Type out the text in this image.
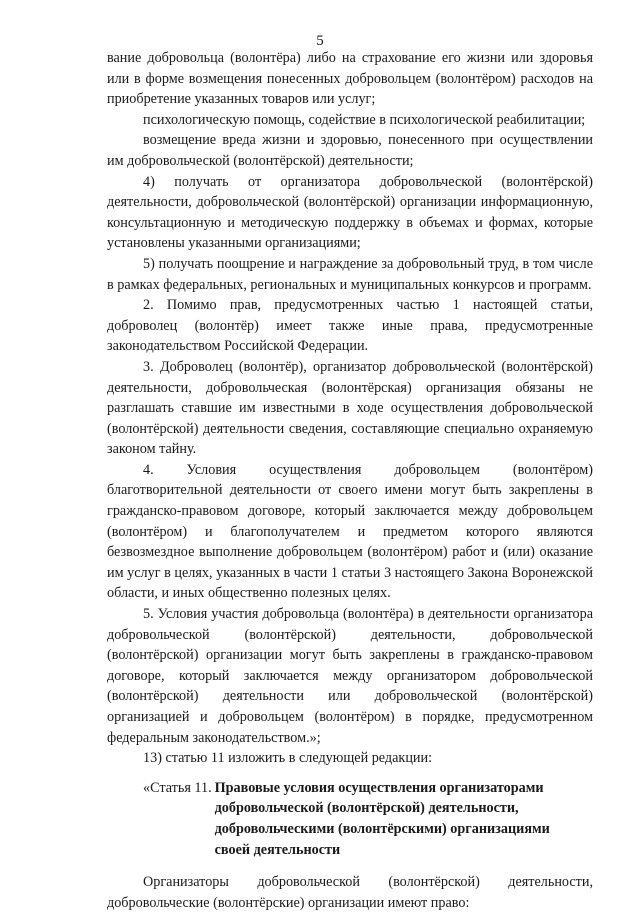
5

вание добровольца (волонтёра) либо на страхование его жизни или здоровья или в форме возмещения понесенных добровольцем (волонтёром) расходов на приобретение указанных товаров или услуг;

психологическую помощь, содействие в психологической реабилитации;

возмещение вреда жизни и здоровью, понесенного при осуществлении им добровольческой (волонтёрской) деятельности;

4) получать от организатора добровольческой (волонтёрской) деятельности, добровольческой (волонтёрской) организации информационную, консультационную и методическую поддержку в объемах и формах, которые установлены указанными организациями;

5) получать поощрение и награждение за добровольный труд, в том числе в рамках федеральных, региональных и муниципальных конкурсов и программ.

2. Помимо прав, предусмотренных частью 1 настоящей статьи, доброволец (волонтёр) имеет также иные права, предусмотренные законодательством Российской Федерации.

3. Доброволец (волонтёр), организатор добровольческой (волонтёрской) деятельности, добровольческая (волонтёрская) организация обязаны не разглашать ставшие им известными в ходе осуществления добровольческой (волонтёрской) деятельности сведения, составляющие специально охраняемую законом тайну.

4. Условия осуществления добровольцем (волонтёром) благотворительной деятельности от своего имени могут быть закреплены в гражданско-правовом договоре, который заключается между добровольцем (волонтёром) и благополучателем и предметом которого являются безвозмездное выполнение добровольцем (волонтёром) работ и (или) оказание им услуг в целях, указанных в части 1 статьи 3 настоящего Закона Воронежской области, и иных общественно полезных целях.

5. Условия участия добровольца (волонтёра) в деятельности организатора добровольческой (волонтёрской) деятельности, добровольческой (волонтёрской) организации могут быть закреплены в гражданско-правовом договоре, который заключается между организатором добровольческой (волонтёрской) деятельности или добровольческой (волонтёрской) организацией и добровольцем (волонтёром) в порядке, предусмотренном федеральным законодательством.»;

13) статью 11 изложить в следующей редакции:

«Статья 11. Правовые условия осуществления организаторами добровольческой (волонтёрской) деятельности, добровольческими (волонтёрскими) организациями своей деятельности

Организаторы добровольческой (волонтёрской) деятельности, добровольческие (волонтёрские) организации имеют право:
